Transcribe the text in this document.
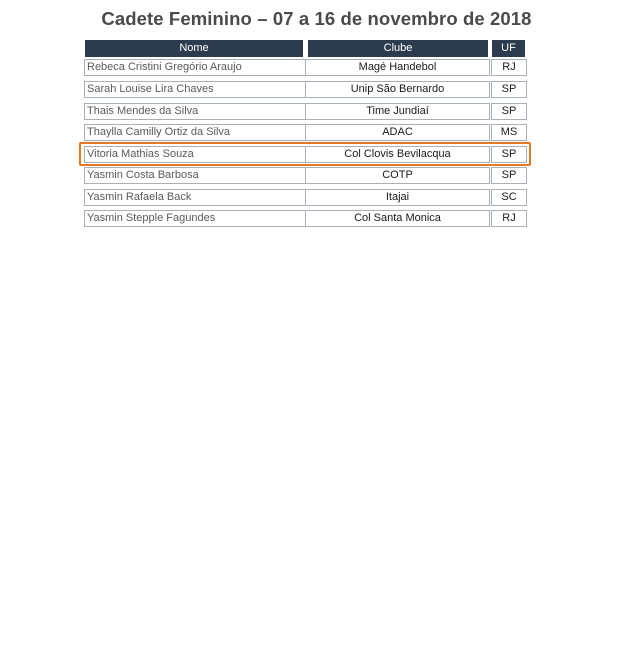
Cadete Feminino – 07 a 16 de novembro de 2018
Nome	Clube	UF
Rebeca Cristini Gregório Araujo	Magé Handebol	RJ
Sarah Louise Lira Chaves	Unip São Bernardo	SP
Thais Mendes da Silva	Time Jundiaí	SP
Thaylla Camilly Ortiz da Silva	ADAC	MS
Vitoria Mathias Souza	Col Clovis Bevilacqua	SP
Yasmin Costa Barbosa	COTP	SP
Yasmin Rafaela Back	Itajai	SC
Yasmin Stepple Fagundes	Col Santa Monica	RJ
